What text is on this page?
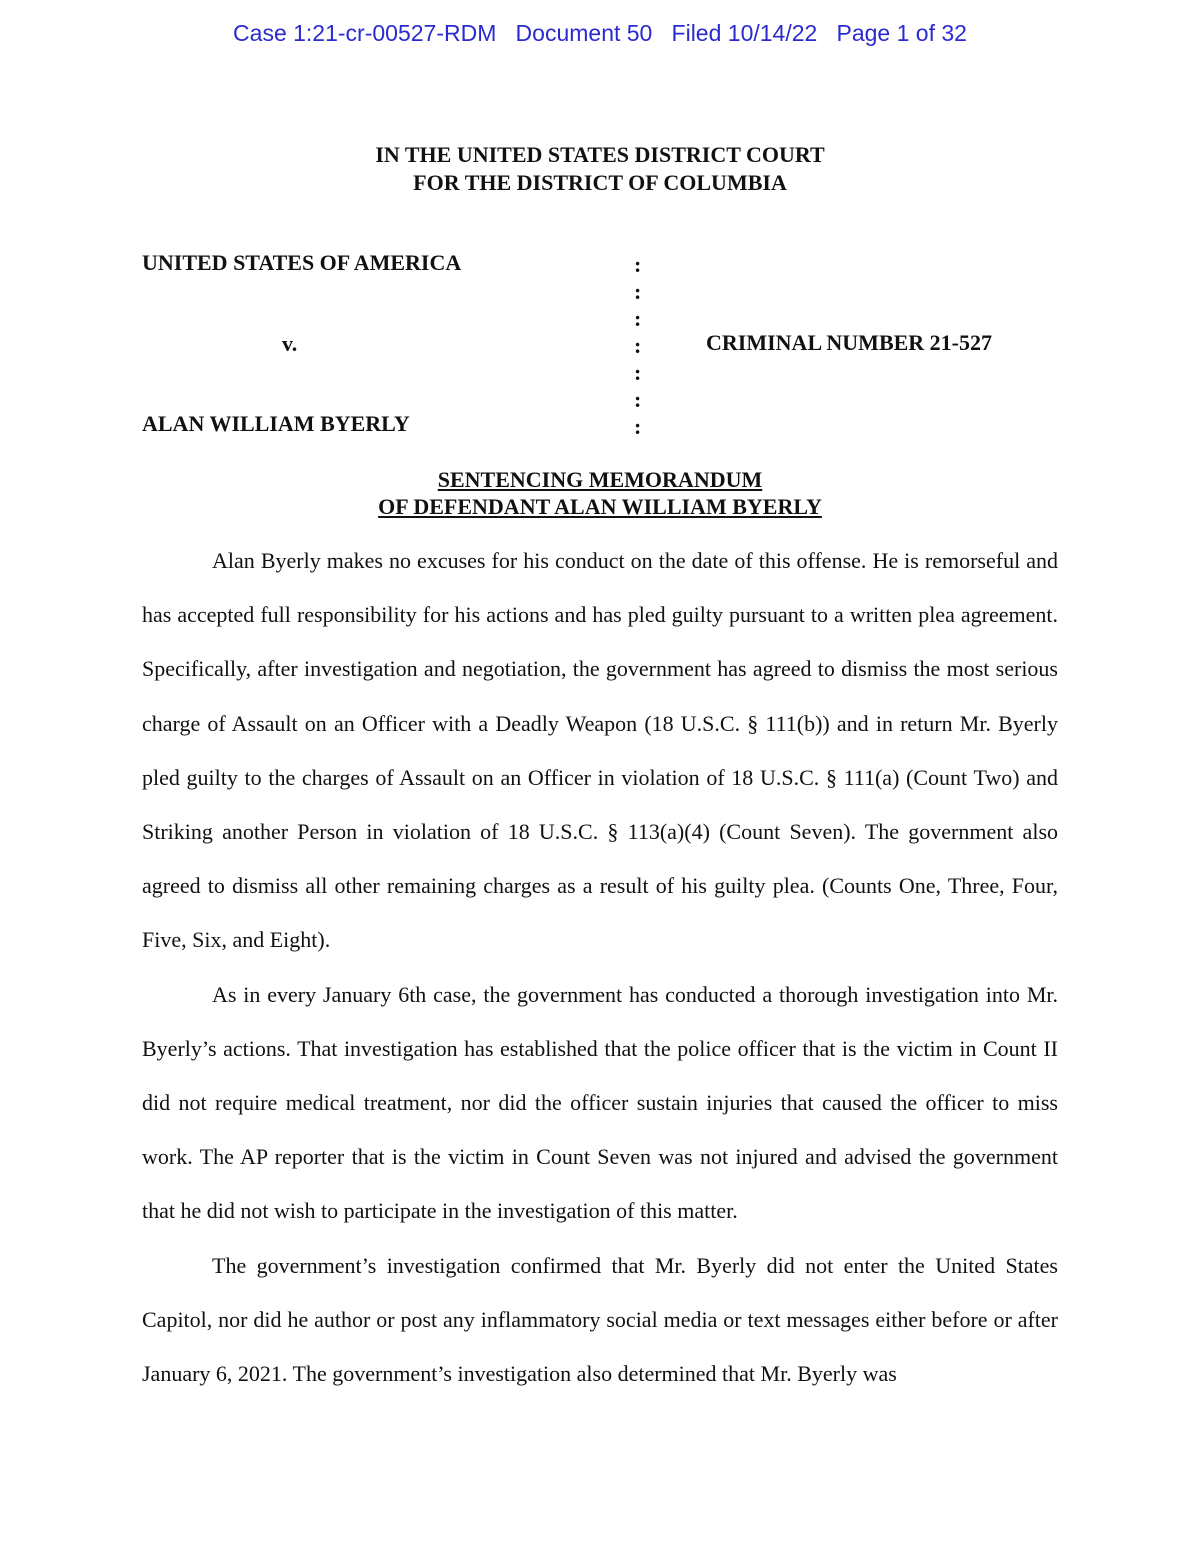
Case 1:21-cr-00527-RDM Document 50 Filed 10/14/22 Page 1 of 32
IN THE UNITED STATES DISTRICT COURT
FOR THE DISTRICT OF COLUMBIA
UNITED STATES OF AMERICA
v.
ALAN WILLIAM BYERLY
:
:
:
:
:
:
:
CRIMINAL NUMBER 21-527
SENTENCING MEMORANDUM
OF DEFENDANT ALAN WILLIAM BYERLY

Alan Byerly makes no excuses for his conduct on the date of this offense. He is remorseful and has accepted full responsibility for his actions and has pled guilty pursuant to a written plea agreement. Specifically, after investigation and negotiation, the government has agreed to dismiss the most serious charge of Assault on an Officer with a Deadly Weapon (18 U.S.C. § 111(b)) and in return Mr. Byerly pled guilty to the charges of Assault on an Officer in violation of 18 U.S.C. § 111(a) (Count Two) and Striking another Person in violation of 18 U.S.C. § 113(a)(4) (Count Seven). The government also agreed to dismiss all other remaining charges as a result of his guilty plea. (Counts One, Three, Four, Five, Six, and Eight).

As in every January 6th case, the government has conducted a thorough investigation into Mr. Byerly’s actions. That investigation has established that the police officer that is the victim in Count II did not require medical treatment, nor did the officer sustain injuries that caused the officer to miss work. The AP reporter that is the victim in Count Seven was not injured and advised the government that he did not wish to participate in the investigation of this matter.

The government’s investigation confirmed that Mr. Byerly did not enter the United States Capitol, nor did he author or post any inflammatory social media or text messages either before or after January 6, 2021. The government’s investigation also determined that Mr. Byerly was
